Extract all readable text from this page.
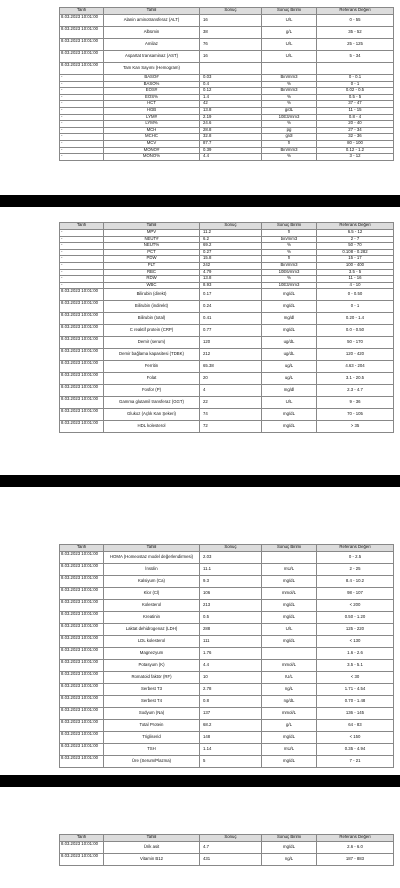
Tarih	Tahlil	Sonuç	Sonuç Birimi	Referans Değeri
8.03.2023 10:01:00	Alanin aminotransferaz (ALT)	16	U/L	0 - 55
8.03.2023 10:01:00	Albümin	38	g/L	35 - 52
8.03.2023 10:01:00	Amilaz	76	U/L	25 - 125
8.03.2023 10:01:00	Aspartat transaminaz (AST)	16	U/L	5 - 34
8.03.2023 10:01:00	Tam Kan Sayımı (Hemogram)			
-	BASO#	0.03	Bin/mm3	0 - 0.1
-	BASO%	0.4	%	0 - 1
-	EOS#	0.12	Bin/mm3	0.02 - 0.5
-	EOS%	1.4	%	0.5 - 5
-	HCT	42	%	37 - 47
-	HGB	13.8	g/dL	11 - 15
-	LYM#	2.19	10E3/mm3	0.8 - 4
-	LYM%	24.6	%	20 - 40
-	MCH	28.8	pg	27 - 34
-	MCHC	32.8	g/dl	32 - 36
-	MCV	87.7	fl	80 - 100
-	MONO#	0.39	Bin/mm3	0.12 - 1.2
-	MONO%	4.4	%	3 - 12
Tarih	Tahlil	Sonuç	Sonuç Birimi	Referans Değeri
-	MPV	11.2	fl	6.5 - 12
-	NEUT#	6.2	bin/mm3	2 - 7
-	NEUT%	69.2	%	50 - 70
-	PCT	0.27	%	0.108 - 0.282
-	PDW	15.8	fl	15 - 17
-	PLT	242	Bin/mm3	100 - 400
-	RBC	4.79	10E6/mm3	3.5 - 5
-	RDW	13.8	%	11 - 16
-	WBC	8.93	10E3/mm3	4 - 10
8.03.2023 10:01:00	Bilirubin (direkt)	0.17	mg/dL	0 - 0.50
8.03.2023 10:01:00	Bilirubin (indirekt)	0.24	mg/dL	0 - 1
8.03.2023 10:01:00	Bilirubin (total)	0.41	mg/dl	0.20 - 1.4
8.03.2023 10:01:00	C reaktif protein (CRP)	0.77	mg/dL	0.0 - 0.50
8.03.2023 10:01:00	Demir (serum)	120	ug/dL	50 - 170
8.03.2023 10:01:00	Demir bağlama kapasitesi (TDBK)	212	ug/dL	120 - 420
8.03.2023 10:01:00	Ferritin	65.38	ug/L	4.63 - 204
8.03.2023 10:01:00	Folat	20	ug/L	3.1 - 20.5
8.03.2023 10:01:00	Fosfor (P)	4	mg/dl	2.3 - 4.7
8.03.2023 10:01:00	Gamma glutamil transferaz (GGT)	22	U/L	9 - 36
8.03.2023 10:01:00	Glukoz (Açlık Kan Şekeri)	74	mg/dL	70 - 105
8.03.2023 10:01:00	HDL kolesterol	72	mg/dL	> 35
Tarih	Tahlil	Sonuç	Sonuç Birimi	Referans Değeri
8.03.2023 10:01:00	HOMA (Homeostaz model değerlendirmesi)	2.03		0 - 2.5
8.03.2023 10:01:00	İnsülin	11.1	mU/L	2 - 25
8.03.2023 10:01:00	Kalsiyum (Ca)	9.3	mg/dL	8.4 - 10.2
8.03.2023 10:01:00	Klor (Cl)	106	mmol/L	98 - 107
8.03.2023 10:01:00	Kolesterol	213	mg/dL	< 200
8.03.2023 10:01:00	Kreatinin	0.5	mg/dL	0.50 - 1.20
8.03.2023 10:01:00	Laktat dehidrogenaz (LDH)	288	U/L	125 - 220
8.03.2023 10:01:00	LDL kolesterol	111	mg/dL	< 130
8.03.2023 10:01:00	Magnezyum	1.76		1.6 - 2.6
8.03.2023 10:01:00	Potasyum (K)	4.4	mmol/L	3.5 - 5.1
8.03.2023 10:01:00	Romatoid faktör (RF)	10	IU/L	< 30
8.03.2023 10:01:00	Serbest T3	2.78	ng/L	1.71 - 4.54
8.03.2023 10:01:00	Serbest T4	0.8	ng/dL	0.70 - 1.48
8.03.2023 10:01:00	Sodyum (Na)	137	mmol/L	136 - 145
8.03.2023 10:01:00	Total Protein	68.2	g/L	64 - 83
8.03.2023 10:01:00	Trigliserid	148	mg/dL	< 150
8.03.2023 10:01:00	TSH	1.14	mU/L	0.35 - 4.94
8.03.2023 10:01:00	Üre (Serum/Plazma)	5	mg/dL	7 - 21
Tarih	Tahlil	Sonuç	Sonuç Birimi	Referans Değeri
8.03.2023 10:01:00	Ürik asit	4.7	mg/dL	2.6 - 6.0
8.03.2023 10:01:00	Vitamin B12	431	ng/L	187 - 883
